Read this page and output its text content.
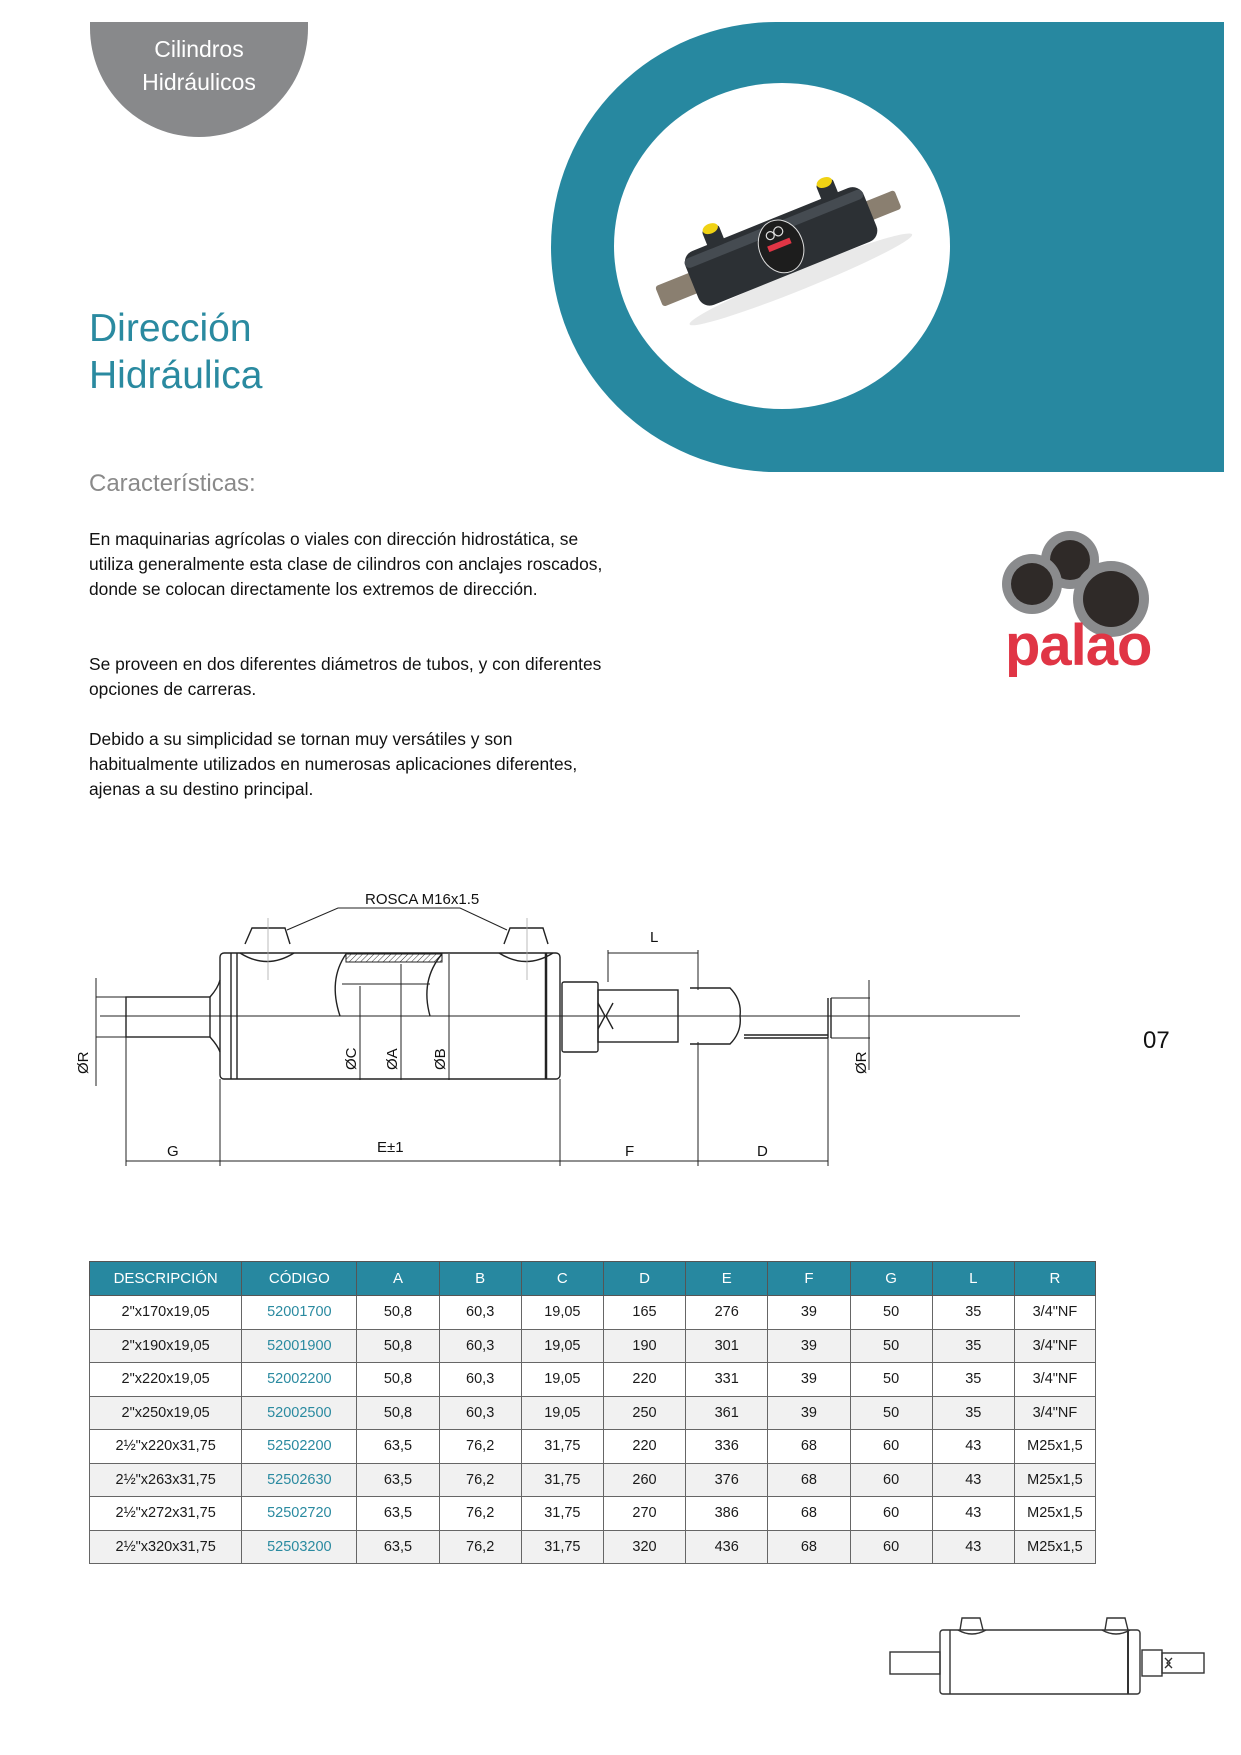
Cilindros
Hidráulicos
Dirección
Hidráulica
Características:
En maquinarias agrícolas o viales con dirección hidrostática, se utiliza generalmente esta clase de cilindros con anclajes roscados, donde se colocan directamente los extremos de dirección.
Se proveen en dos diferentes diámetros de tubos, y con diferentes opciones de carreras.
Debido a su simplicidad se tornan muy versátiles y son habitualmente utilizados en numerosas aplicaciones diferentes, ajenas a su destino principal.
palao
ROSCA M16x1.5
ØR	ØC ØA ØB	ØR
G	E±1	F	D
L
07
DESCRIPCIÓN	CÓDIGO	A	B	C	D	E	F	G	L	R
2"x170x19,05	52001700	50,8	60,3	19,05	165	276	39	50	35	3/4"NF
2"x190x19,05	52001900	50,8	60,3	19,05	190	301	39	50	35	3/4"NF
2"x220x19,05	52002200	50,8	60,3	19,05	220	331	39	50	35	3/4"NF
2"x250x19,05	52002500	50,8	60,3	19,05	250	361	39	50	35	3/4"NF
2½"x220x31,75	52502200	63,5	76,2	31,75	220	336	68	60	43	M25x1,5
2½"x263x31,75	52502630	63,5	76,2	31,75	260	376	68	60	43	M25x1,5
2½"x272x31,75	52502720	63,5	76,2	31,75	270	386	68	60	43	M25x1,5
2½"x320x31,75	52503200	63,5	76,2	31,75	320	436	68	60	43	M25x1,5
